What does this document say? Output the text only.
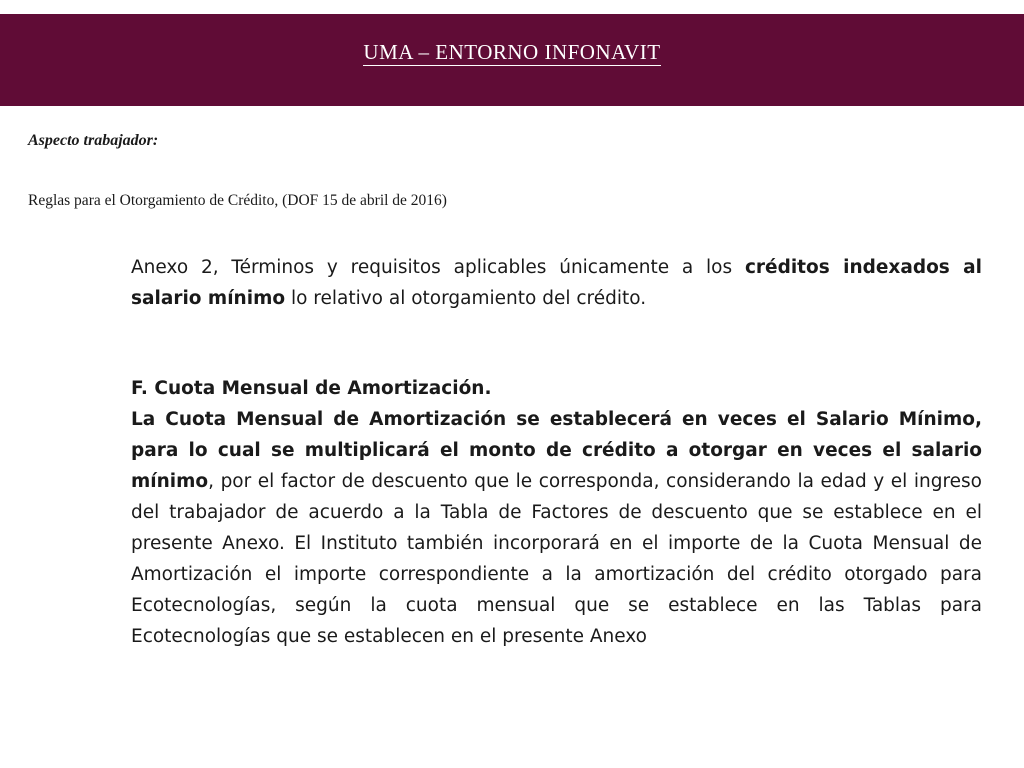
UMA – ENTORNO INFONAVIT
Aspecto trabajador:
Reglas para el Otorgamiento de Crédito, (DOF 15 de abril de 2016)
Anexo 2, Términos y requisitos aplicables únicamente a los créditos indexados al salario mínimo lo relativo al otorgamiento del crédito.
F. Cuota Mensual de Amortización.
La Cuota Mensual de Amortización se establecerá en veces el Salario Mínimo, para lo cual se multiplicará el monto de crédito a otorgar en veces el salario mínimo, por el factor de descuento que le corresponda, considerando la edad y el ingreso del trabajador de acuerdo a la Tabla de Factores de descuento que se establece en el presente Anexo. El Instituto también incorporará en el importe de la Cuota Mensual de Amortización el importe correspondiente a la amortización del crédito otorgado para Ecotecnologías, según la cuota mensual que se establece en las Tablas para Ecotecnologías que se establecen en el presente Anexo
